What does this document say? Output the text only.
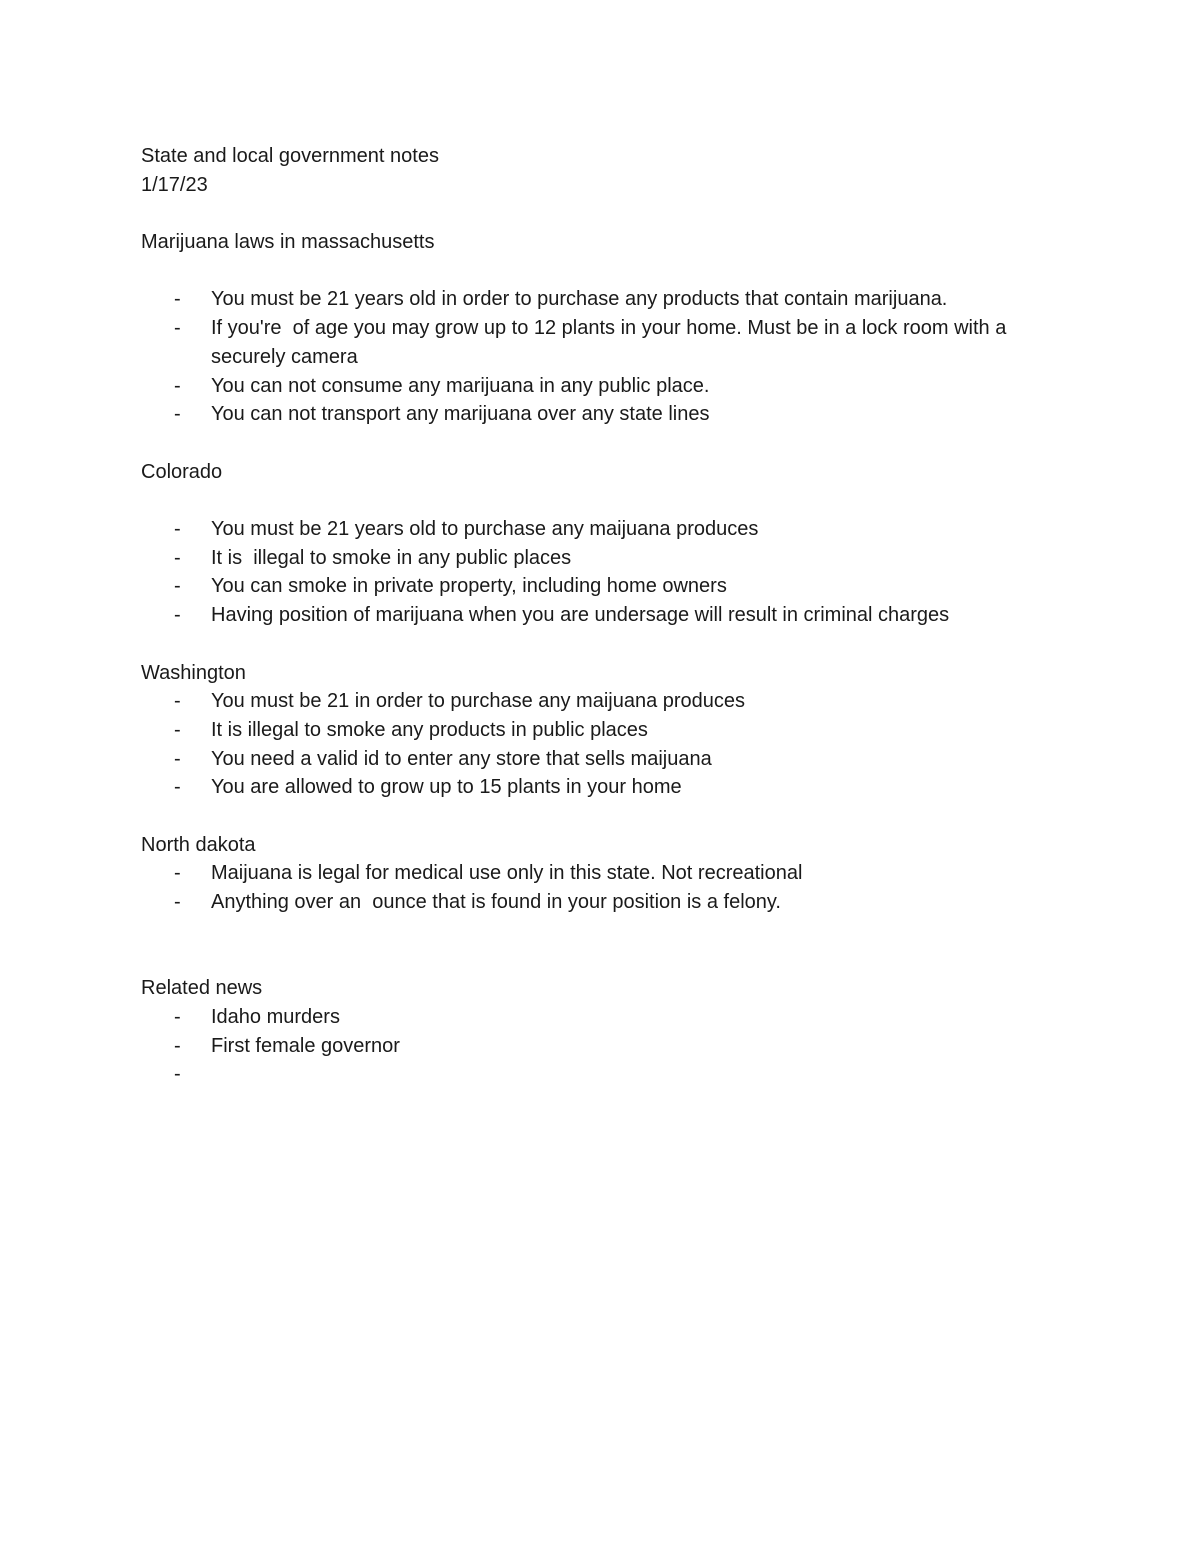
State and local government notes
1/17/23
Marijuana laws in massachusetts
- You must be 21 years old in order to purchase any products that contain marijuana.
- If you're  of age you may grow up to 12 plants in your home. Must be in a lock room with a securely camera
- You can not consume any marijuana in any public place.
- You can not transport any marijuana over any state lines
Colorado
- You must be 21 years old to purchase any maijuana produces
- It is  illegal to smoke in any public places
- You can smoke in private property, including home owners
- Having position of marijuana when you are undersage will result in criminal charges
Washington
- You must be 21 in order to purchase any maijuana produces
- It is illegal to smoke any products in public places
- You need a valid id to enter any store that sells maijuana
- You are allowed to grow up to 15 plants in your home
North dakota
- Maijuana is legal for medical use only in this state. Not recreational
- Anything over an  ounce that is found in your position is a felony.
Related news
- Idaho murders
- First female governor
-
